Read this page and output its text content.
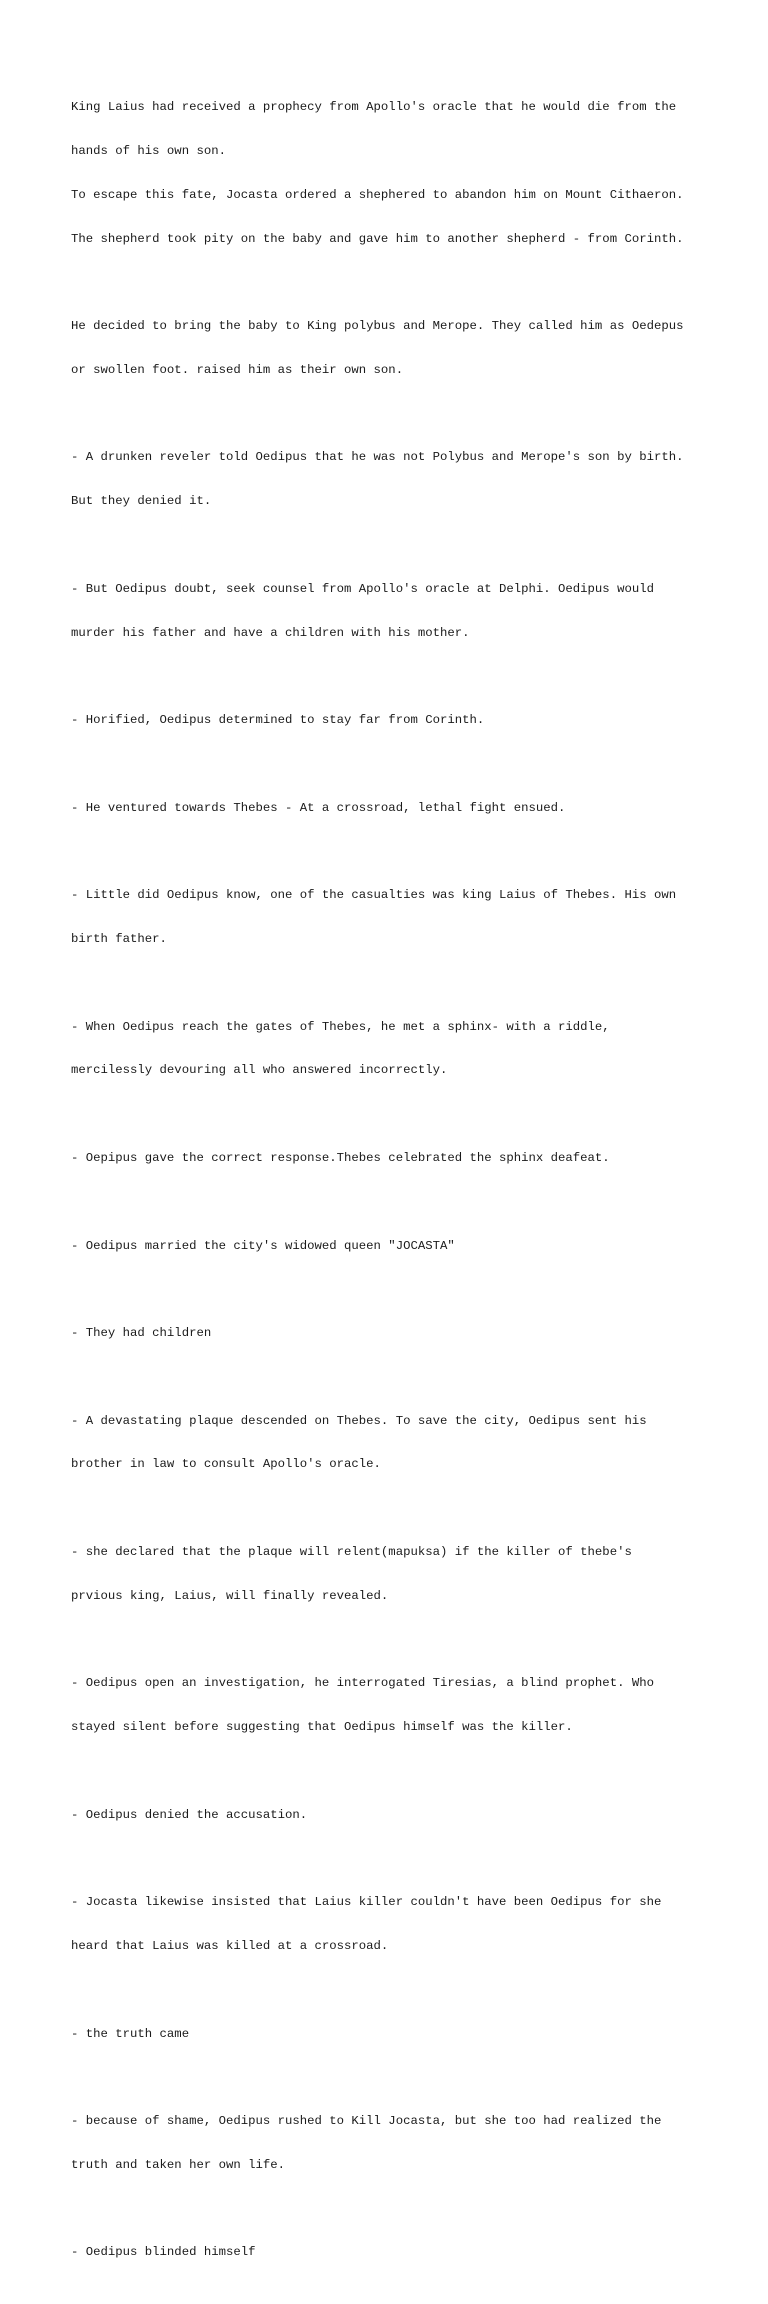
King Laius had received a prophecy from Apollo's oracle that he would die from the

hands of his own son.

To escape this fate, Jocasta ordered a shephered to abandon him on Mount Cithaeron.

The shepherd took pity on the baby and gave him to another shepherd - from Corinth.

He decided to bring the baby to King polybus and Merope. They called him as Oedepus

or swollen foot. raised him as their own son.

- A drunken reveler told Oedipus that he was not Polybus and Merope's son by birth.

But they denied it.

- But Oedipus doubt, seek counsel from Apollo's oracle at Delphi. Oedipus would

murder his father and have a children with his mother.

- Horified, Oedipus determined to stay far from Corinth.

- He ventured towards Thebes - At a crossroad, lethal fight ensued.

- Little did Oedipus know, one of the casualties was king Laius of Thebes. His own

birth father.

- When Oedipus reach the gates of Thebes, he met a sphinx- with a riddle,

mercilessly devouring all who answered incorrectly.

- Oepipus gave the correct response.Thebes celebrated the sphinx deafeat.

- Oedipus married the city's widowed queen "JOCASTA"

- They had children

- A devastating plaque descended on Thebes. To save the city, Oedipus sent his

brother in law to consult Apollo's oracle.

- she declared that the plaque will relent(mapuksa) if the killer of thebe's

prvious king, Laius, will finally revealed.

- Oedipus open an investigation, he interrogated Tiresias, a blind prophet. Who

stayed silent before suggesting that Oedipus himself was the killer.

- Oedipus denied the accusation.

- Jocasta likewise insisted that Laius killer couldn't have been Oedipus for she

heard that Laius was killed at a crossroad.

- the truth came

- because of shame, Oedipus rushed to Kill Jocasta, but she too had realized the

truth and taken her own life.

- Oedipus blinded himself
